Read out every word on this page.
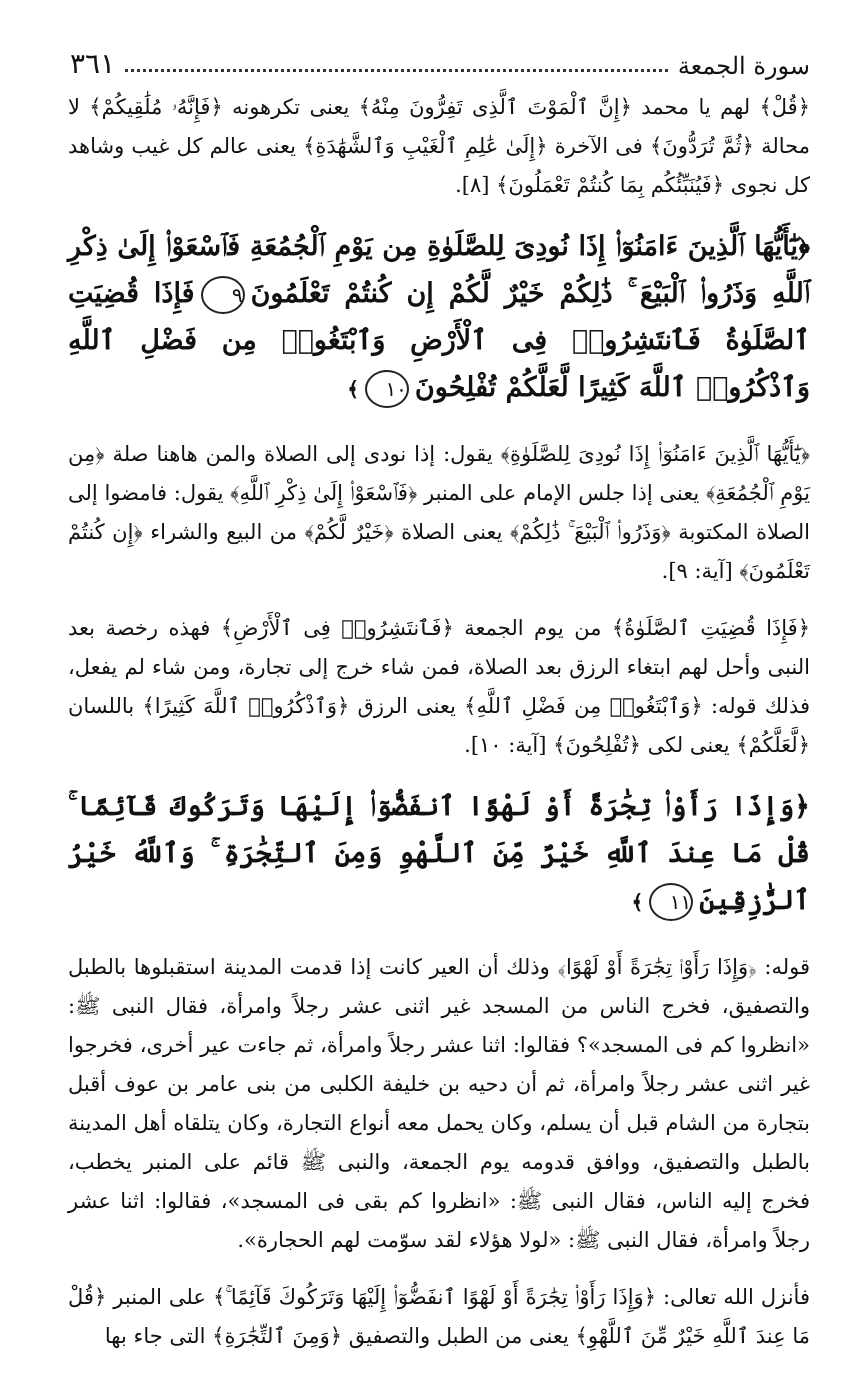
سورة الجمعة
٣٦١

﴿قُلْ﴾ لهم يا محمد ﴿إِنَّ ٱلْمَوْتَ ٱلَّذِى تَفِرُّونَ مِنْهُ﴾ يعنى تكرهونه ﴿فَإِنَّهُۥ مُلَٰقِيكُمْ﴾ لا محالة ﴿ثُمَّ تُرَدُّونَ﴾ فى الآخرة ﴿إِلَىٰ عَٰلِمِ ٱلْغَيْبِ وَٱلشَّهَٰدَةِ﴾ يعنى عالم كل غيب وشاهد كل نجوى ﴿فَيُنَبِّئُكُم بِمَا كُنتُمْ تَعْمَلُونَ﴾ [٨].

﴿يَٰٓأَيُّهَا ٱلَّذِينَ ءَامَنُوٓا۟ إِذَا نُودِىَ لِلصَّلَوٰةِ مِن يَوْمِ ٱلْجُمُعَةِ فَٱسْعَوْا۟ إِلَىٰ ذِكْرِ ٱللَّهِ وَذَرُوا۟ ٱلْبَيْعَ ۚ ذَٰلِكُمْ خَيْرٌ لَّكُمْ إِن كُنتُمْ تَعْلَمُونَ٩فَإِذَا قُضِيَتِ ٱلصَّلَوٰةُ فَٱنتَشِرُوا۟ فِى ٱلْأَرْضِ وَٱبْتَغُوا۟ مِن فَضْلِ ٱللَّهِ وَٱذْكُرُوا۟ ٱللَّهَ كَثِيرًا لَّعَلَّكُمْ تُفْلِحُونَ١٠﴾

﴿يَٰٓأَيُّهَا ٱلَّذِينَ ءَامَنُوٓا۟ إِذَا نُودِىَ لِلصَّلَوٰةِ﴾ يقول: إذا نودى إلى الصلاة والمن هاهنا صلة ﴿مِن يَوْمِ ٱلْجُمُعَةِ﴾ يعنى إذا جلس الإمام على المنبر ﴿فَٱسْعَوْا۟ إِلَىٰ ذِكْرِ ٱللَّهِ﴾ يقول: فامضوا إلى الصلاة المكتوبة ﴿وَذَرُوا۟ ٱلْبَيْعَ ۚ ذَٰلِكُمْ﴾ يعنى الصلاة ﴿خَيْرٌ لَّكُمْ﴾ من البيع والشراء ﴿إِن كُنتُمْ تَعْلَمُونَ﴾ [آية: ٩].

﴿فَإِذَا قُضِيَتِ ٱلصَّلَوٰةُ﴾ من يوم الجمعة ﴿فَٱنتَشِرُوا۟ فِى ٱلْأَرْضِ﴾ فهذه رخصة بعد النبى وأحل لهم ابتغاء الرزق بعد الصلاة، فمن شاء خرج إلى تجارة، ومن شاء لم يفعل، فذلك قوله: ﴿وَٱبْتَغُوا۟ مِن فَضْلِ ٱللَّهِ﴾ يعنى الرزق ﴿وَٱذْكُرُوا۟ ٱللَّهَ كَثِيرًا﴾ باللسان ﴿لَّعَلَّكُمْ﴾ يعنى لكى ﴿تُفْلِحُونَ﴾ [آية: ١٠].

﴿وَإِذَا رَأَوْا۟ تِجَٰرَةً أَوْ لَهْوًا ٱنفَضُّوٓا۟ إِلَيْهَا وَتَرَكُوكَ قَآئِمًا ۚ قُلْ مَا عِندَ ٱللَّهِ خَيْرٌ مِّنَ ٱللَّهْوِ وَمِنَ ٱلتِّجَٰرَةِ ۚ وَٱللَّهُ خَيْرُ ٱلرَّٰزِقِينَ١١﴾

قوله: ﴿وَإِذَا رَأَوْا۟ تِجَٰرَةً أَوْ لَهْوًا﴾ وذلك أن العير كانت إذا قدمت المدينة استقبلوها بالطبل والتصفيق، فخرج الناس من المسجد غير اثنى عشر رجلاً وامرأة، فقال النبى ﷺ: «انظروا كم فى المسجد»؟ فقالوا: اثنا عشر رجلاً وامرأة، ثم جاءت عير أخرى، فخرجوا غير اثنى عشر رجلاً وامرأة، ثم أن دحيه بن خليفة الكلبى من بنى عامر بن عوف أقبل بتجارة من الشام قبل أن يسلم، وكان يحمل معه أنواع التجارة، وكان يتلقاه أهل المدينة بالطبل والتصفيق، ووافق قدومه يوم الجمعة، والنبى ﷺ قائم على المنبر يخطب، فخرج إليه الناس، فقال النبى ﷺ: «انظروا كم بقى فى المسجد»، فقالوا: اثنا عشر رجلاً وامرأة، فقال النبى ﷺ: «لولا هؤلاء لقد سوّمت لهم الحجارة».

فأنزل الله تعالى: ﴿وَإِذَا رَأَوْا۟ تِجَٰرَةً أَوْ لَهْوًا ٱنفَضُّوٓا۟ إِلَيْهَا وَتَرَكُوكَ قَآئِمًا ۚ﴾ على المنبر ﴿قُلْ مَا عِندَ ٱللَّهِ خَيْرٌ مِّنَ ٱللَّهْوِ﴾ يعنى من الطبل والتصفيق ﴿وَمِنَ ٱلتِّجَٰرَةِ﴾ التى جاء بها
